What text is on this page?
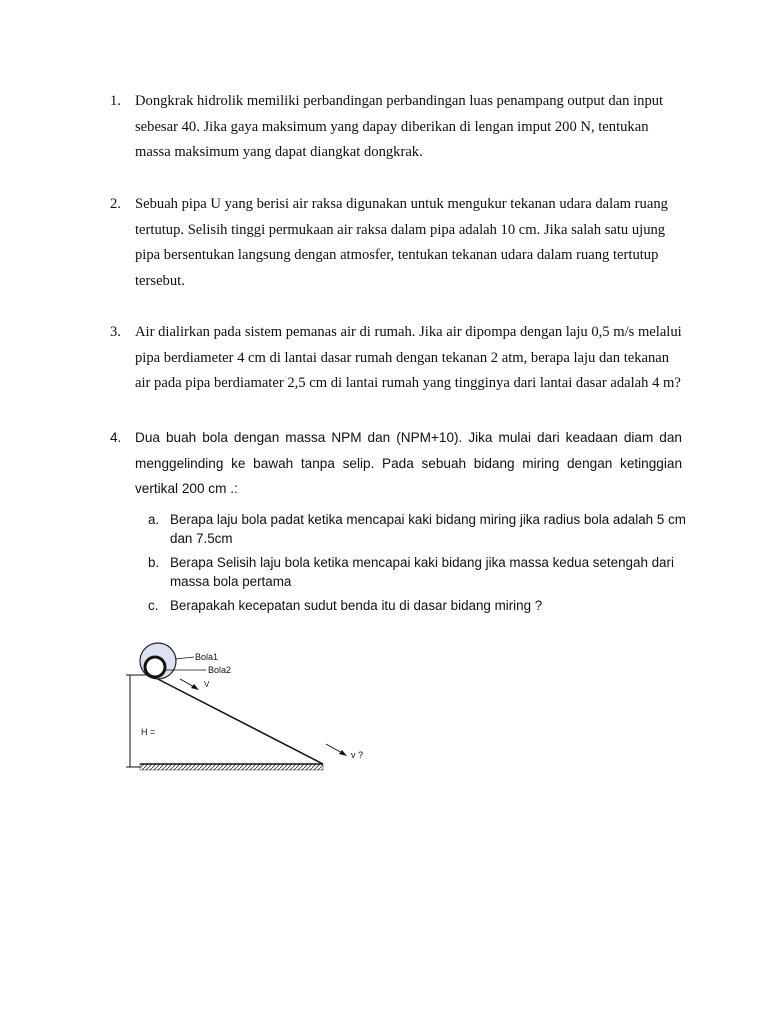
1. Dongkrak hidrolik memiliki perbandingan perbandingan luas penampang output dan input sebesar 40. Jika gaya maksimum yang dapay diberikan di lengan imput 200 N, tentukan massa maksimum yang dapat diangkat dongkrak.
2. Sebuah pipa U yang berisi air raksa digunakan untuk mengukur tekanan udara dalam ruang tertutup. Selisih tinggi permukaan air raksa dalam pipa adalah 10 cm. Jika salah satu ujung pipa bersentukan langsung dengan atmosfer, tentukan tekanan udara dalam ruang tertutup tersebut.
3. Air dialirkan pada sistem pemanas air di rumah. Jika air dipompa dengan laju 0,5 m/s melalui pipa berdiameter 4 cm di lantai dasar rumah dengan tekanan 2 atm, berapa laju dan tekanan air pada pipa berdiamater 2,5 cm di lantai rumah yang tingginya dari lantai dasar adalah 4 m?
4. Dua buah bola dengan massa NPM dan (NPM+10). Jika mulai dari keadaan diam dan menggelinding ke bawah tanpa selip. Pada sebuah bidang miring dengan ketinggian vertikal 200 cm .:
a. Berapa laju bola padat ketika mencapai kaki bidang miring jika radius bola adalah 5 cm dan 7.5cm
b. Berapa Selisih laju bola ketika mencapai kaki bidang jika massa kedua setengah dari massa bola pertama
c. Berapakah kecepatan sudut benda itu di dasar bidang miring ?
Bola1
Bola2
V
H =
v ?
